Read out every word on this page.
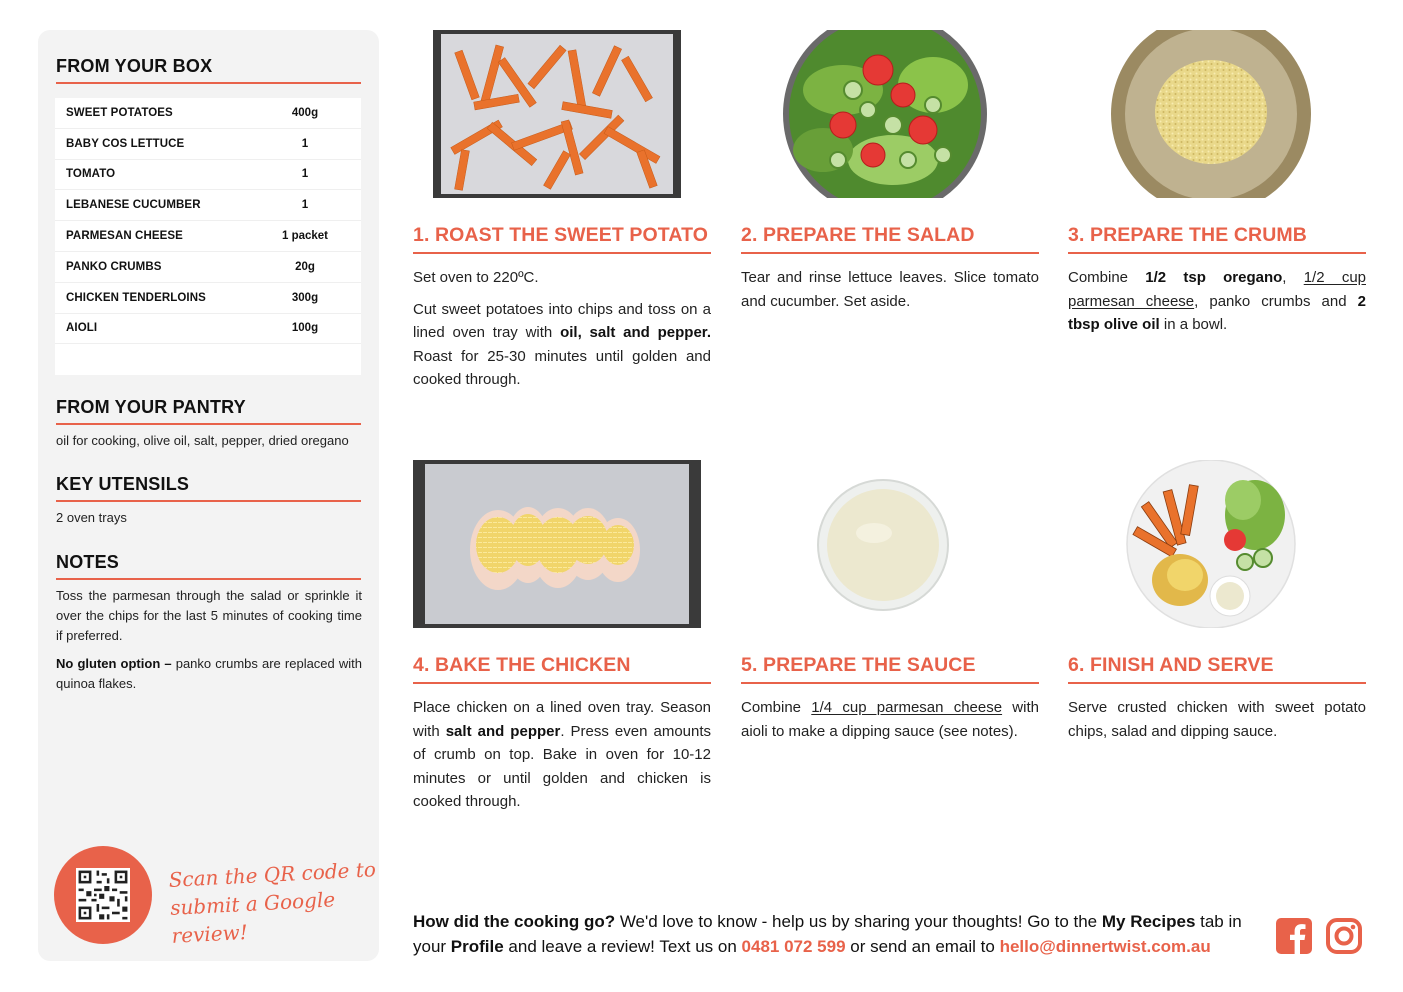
FROM YOUR BOX
SWEET POTATOES	400g
BABY COS LETTUCE	1
TOMATO	1
LEBANESE CUCUMBER	1
PARMESAN CHEESE	1 packet
PANKO CRUMBS	20g
CHICKEN TENDERLOINS	300g
AIOLI	100g
FROM YOUR PANTRY
oil for cooking, olive oil, salt, pepper, dried oregano
KEY UTENSILS
2 oven trays
NOTES
Toss the parmesan through the salad or sprinkle it over the chips for the last 5 minutes of cooking time if preferred.
No gluten option – panko crumbs are replaced with quinoa flakes.
Scan the QR code to
submit a Google review!
1. ROAST THE SWEET POTATO

Set oven to 220ºC.

Cut sweet potatoes into chips and toss on a lined oven tray with oil, salt and pepper. Roast for 25-30 minutes until golden and cooked through.

2. PREPARE THE SALAD

Tear and rinse lettuce leaves. Slice tomato and cucumber. Set aside.

3. PREPARE THE CRUMB

Combine 1/2 tsp oregano, 1/2 cup parmesan cheese, panko crumbs and 2 tbsp olive oil in a bowl.

4. BAKE THE CHICKEN

Place chicken on a lined oven tray. Season with salt and pepper. Press even amounts of crumb on top. Bake in oven for 10-12 minutes or until golden and chicken is cooked through.

5. PREPARE THE SAUCE

Combine 1/4 cup parmesan cheese with aioli to make a dipping sauce (see notes).

6. FINISH AND SERVE

Serve crusted chicken with sweet potato chips, salad and dipping sauce.

How did the cooking go? We'd love to know - help us by sharing your thoughts! Go to the My Recipes tab in your Profile and leave a review! Text us on 0481 072 599 or send an email to hello@dinnertwist.com.au
